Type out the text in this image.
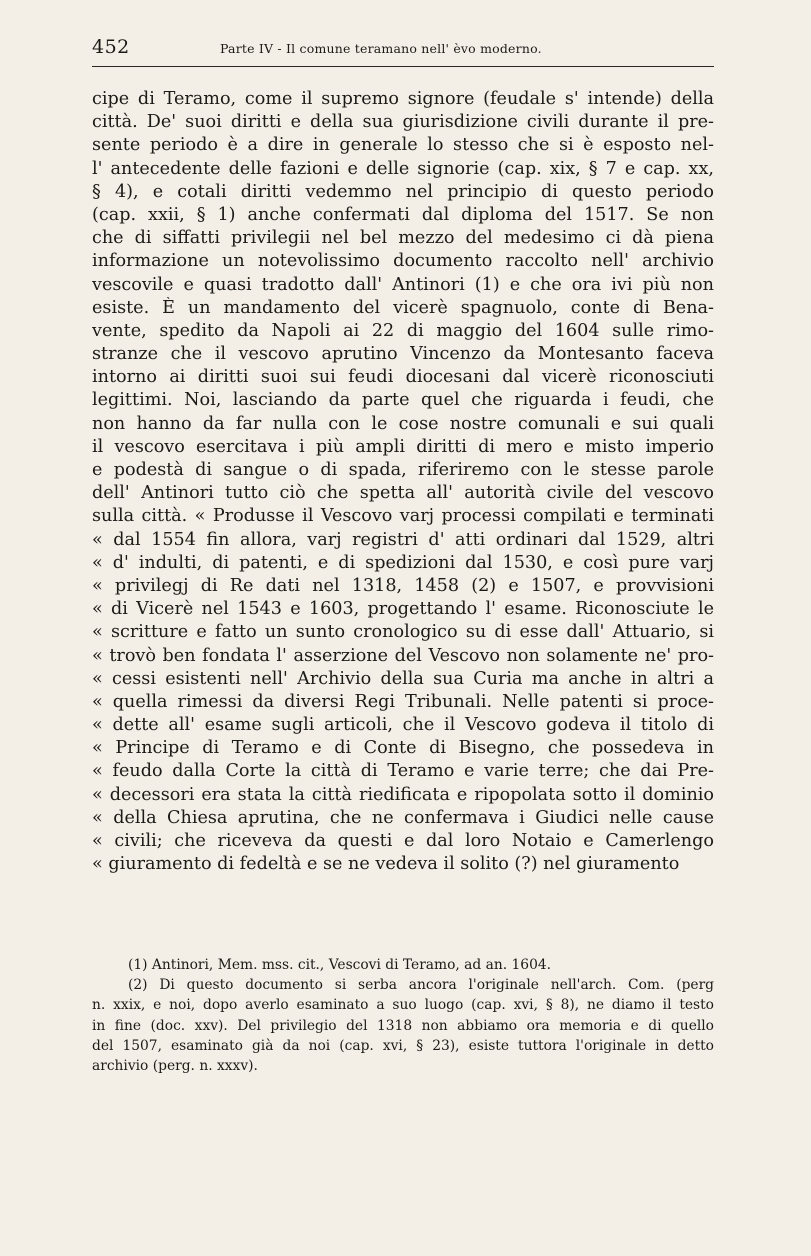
452	Parte IV - Il comune teramano nell' èvo moderno.
cipe di Teramo, come il supremo signore (feudale s' intende) della
città. De' suoi diritti e della sua giurisdizione civili durante il pre-
sente periodo è a dire in generale lo stesso che si è esposto nel-
l' antecedente delle fazioni e delle signorie (cap. xix, § 7 e cap. xx,
§ 4), e cotali diritti vedemmo nel principio di questo periodo
(cap. xxii, § 1) anche confermati dal diploma del 1517. Se non
che di siffatti privilegii nel bel mezzo del medesimo ci dà piena
informazione un notevolissimo documento raccolto nell' archivio
vescovile e quasi tradotto dall' Antinori (1) e che ora ivi più non
esiste. È un mandamento del vicerè spagnuolo, conte di Bena-
vente, spedito da Napoli ai 22 di maggio del 1604 sulle rimo-
stranze che il vescovo aprutino Vincenzo da Montesanto faceva
intorno ai diritti suoi sui feudi diocesani dal vicerè riconosciuti
legittimi. Noi, lasciando da parte quel che riguarda i feudi, che
non hanno da far nulla con le cose nostre comunali e sui quali
il vescovo esercitava i più ampli diritti di mero e misto imperio
e podestà di sangue o di spada, riferiremo con le stesse parole
dell' Antinori tutto ciò che spetta all' autorità civile del vescovo
sulla città. « Produsse il Vescovo varj processi compilati e terminati
« dal 1554 fin allora, varj registri d' atti ordinari dal 1529, altri
« d' indulti, di patenti, e di spedizioni dal 1530, e così pure varj
« privilegj di Re dati nel 1318, 1458 (2) e 1507, e provvisioni
« di Vicerè nel 1543 e 1603, progettando l' esame. Riconosciute le
« scritture e fatto un sunto cronologico su di esse dall' Attuario, si
« trovò ben fondata l' asserzione del Vescovo non solamente ne' pro-
« cessi esistenti nell' Archivio della sua Curia ma anche in altri a
« quella rimessi da diversi Regi Tribunali. Nelle patenti si proce-
« dette all' esame sugli articoli, che il Vescovo godeva il titolo di
« Principe di Teramo e di Conte di Bisegno, che possedeva in
« feudo dalla Corte la città di Teramo e varie terre; che dai Pre-
« decessori era stata la città riedificata e ripopolata sotto il dominio
« della Chiesa aprutina, che ne confermava i Giudici nelle cause
« civili; che riceveva da questi e dal loro Notaio e Camerlengo
« giuramento di fedeltà e se ne vedeva il solito (?) nel giuramento
(1) Antinori, Mem. mss. cit., Vescovi di Teramo, ad an. 1604.
(2) Di questo documento si serba ancora l'originale nell'arch. Com. (perg
n. xxix, e noi, dopo averlo esaminato a suo luogo (cap. xvi, § 8), ne diamo il testo
in fine (doc. xxv). Del privilegio del 1318 non abbiamo ora memoria e di quello
del 1507, esaminato già da noi (cap. xvi, § 23), esiste tuttora l'originale in detto
archivio (perg. n. xxxv).
